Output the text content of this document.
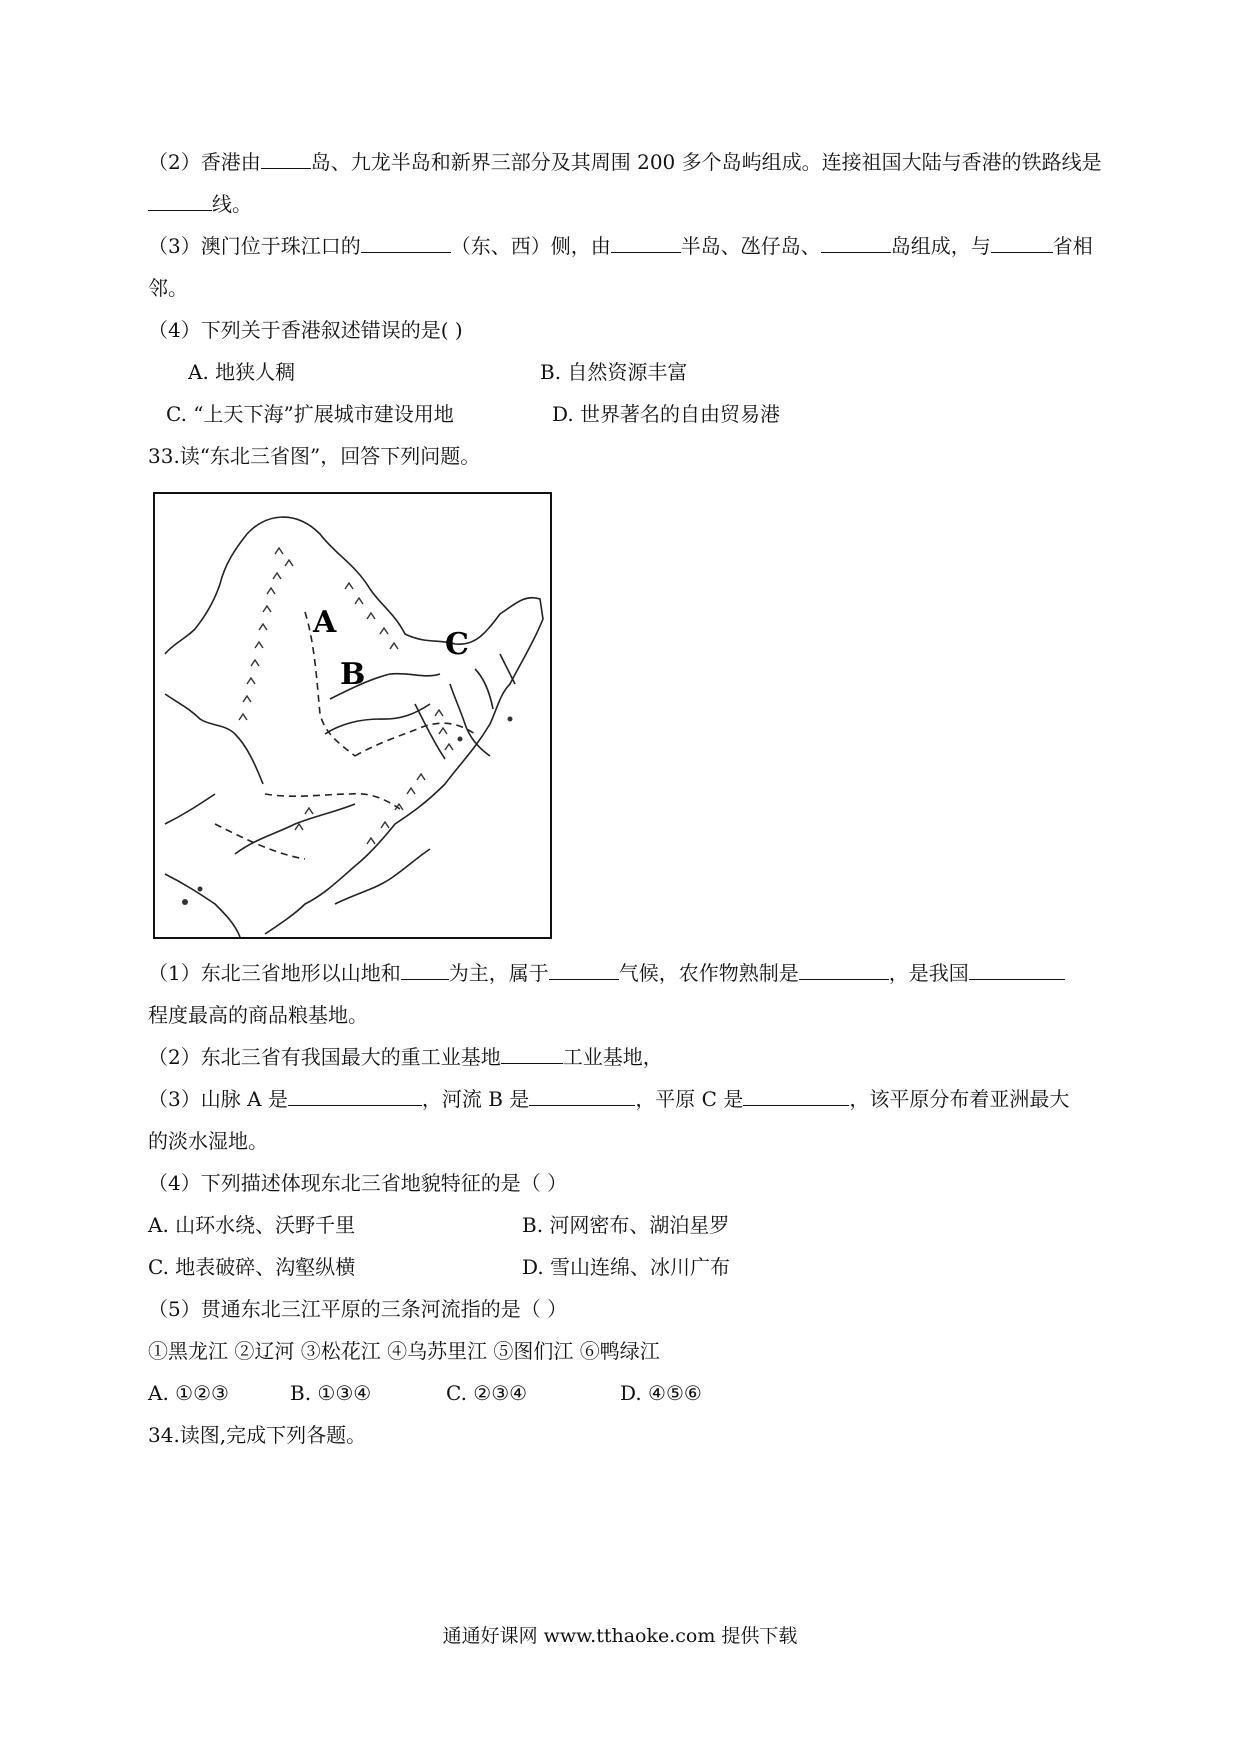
（2）香港由	岛、九龙半岛和新界三部分及其周围 200 多个岛屿组成。连接祖国大陆与香港的铁路线是
线。
（3）澳门位于珠江口的	（东、西）侧，由	半岛、氹仔岛、	岛组成，与	省相
邻。
（4）下列关于香港叙述错误的是( )
A. 地狭人稠	B. 自然资源丰富
C. “上天下海”扩展城市建设用地	D. 世界著名的自由贸易港
33.读“东北三省图”，回答下列问题。
A
B
C
（1）东北三省地形以山地和 为主，属于	气候，农作物熟制是	，是我国
程度最高的商品粮基地。
（2）东北三省有我国最大的重工业基地	工业基地，
（3）山脉 A 是	，河流 B 是	，平原 C 是	，该平原分布着亚洲最大
的淡水湿地。
（4）下列描述体现东北三省地貌特征的是（ ）
A. 山环水绕、沃野千里	B. 河网密布、湖泊星罗
C. 地表破碎、沟壑纵横	D. 雪山连绵、冰川广布
（5）贯通东北三江平原的三条河流指的是（ ）
①黑龙江 ②辽河 ③松花江 ④乌苏里江 ⑤图们江 ⑥鸭绿江
A. ①②③	B. ①③④	C. ②③④	D. ④⑤⑥
34.读图,完成下列各题。
通通好课网 www.tthaoke.com 提供下载
